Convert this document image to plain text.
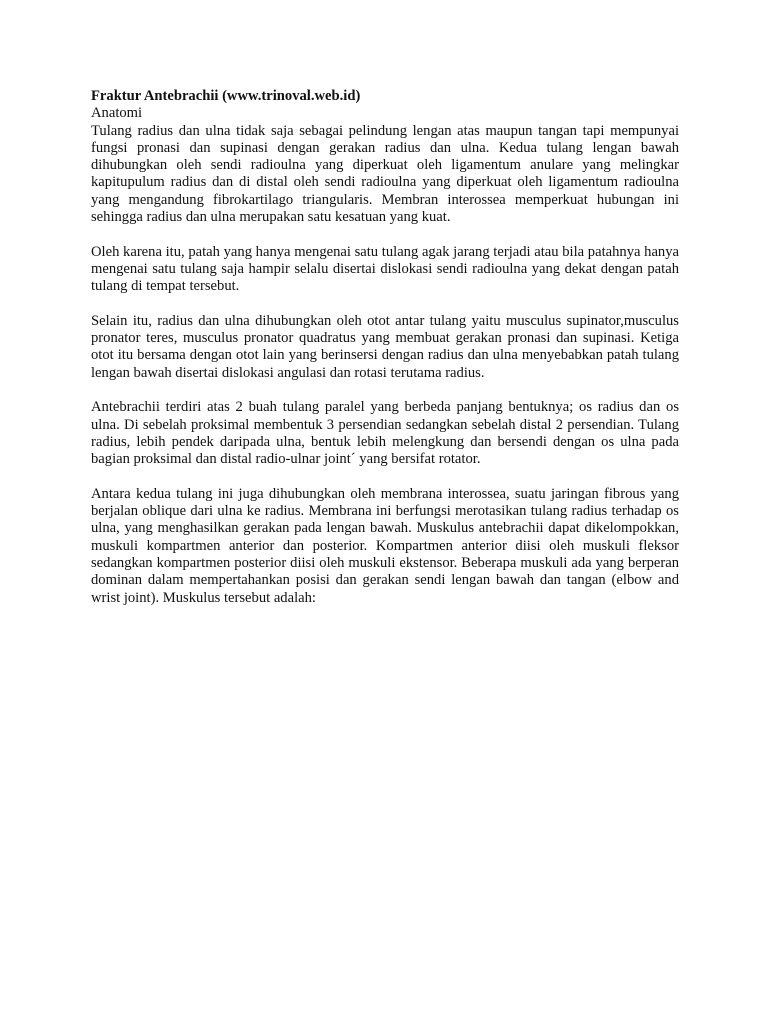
Fraktur Antebrachii (www.trinoval.web.id)

Anatomi

Tulang radius dan ulna tidak saja sebagai pelindung lengan atas maupun tangan tapi mempunyai fungsi pronasi dan supinasi dengan gerakan radius dan ulna. Kedua tulang lengan bawah dihubungkan oleh sendi radioulna yang diperkuat oleh ligamentum anulare yang melingkar kapitupulum radius dan di distal oleh sendi radioulna yang diperkuat oleh ligamentum radioulna yang mengandung fibrokartilago triangularis. Membran interossea memperkuat hubungan ini sehingga radius dan ulna merupakan satu kesatuan yang kuat.

Oleh karena itu, patah yang hanya mengenai satu tulang agak jarang terjadi atau bila patahnya hanya mengenai satu tulang saja hampir selalu disertai dislokasi sendi radioulna yang dekat dengan patah tulang di tempat tersebut.

Selain itu, radius dan ulna dihubungkan oleh otot antar tulang yaitu musculus supinator,musculus pronator teres, musculus pronator quadratus yang membuat gerakan pronasi dan supinasi. Ketiga otot itu bersama dengan otot lain yang berinsersi dengan radius dan ulna menyebabkan patah tulang lengan bawah disertai dislokasi angulasi dan rotasi terutama radius.

Antebrachii terdiri atas 2 buah tulang paralel yang berbeda panjang bentuknya; os radius dan os ulna. Di sebelah proksimal membentuk 3 persendian sedangkan sebelah distal 2 persendian. Tulang radius, lebih pendek daripada ulna, bentuk lebih melengkung dan bersendi dengan os ulna pada bagian proksimal dan distal radio-ulnar joint´ yang bersifat rotator.

Antara kedua tulang ini juga dihubungkan oleh membrana interossea, suatu jaringan fibrous yang berjalan oblique dari ulna ke radius. Membrana ini berfungsi merotasikan tulang radius terhadap os ulna, yang menghasilkan gerakan pada lengan bawah. Muskulus antebrachii dapat dikelompokkan, muskuli kompartmen anterior dan posterior. Kompartmen anterior diisi oleh muskuli fleksor sedangkan kompartmen posterior diisi oleh muskuli ekstensor. Beberapa muskuli ada yang berperan dominan dalam mempertahankan posisi dan gerakan sendi lengan bawah dan tangan (elbow and wrist joint). Muskulus tersebut adalah:
